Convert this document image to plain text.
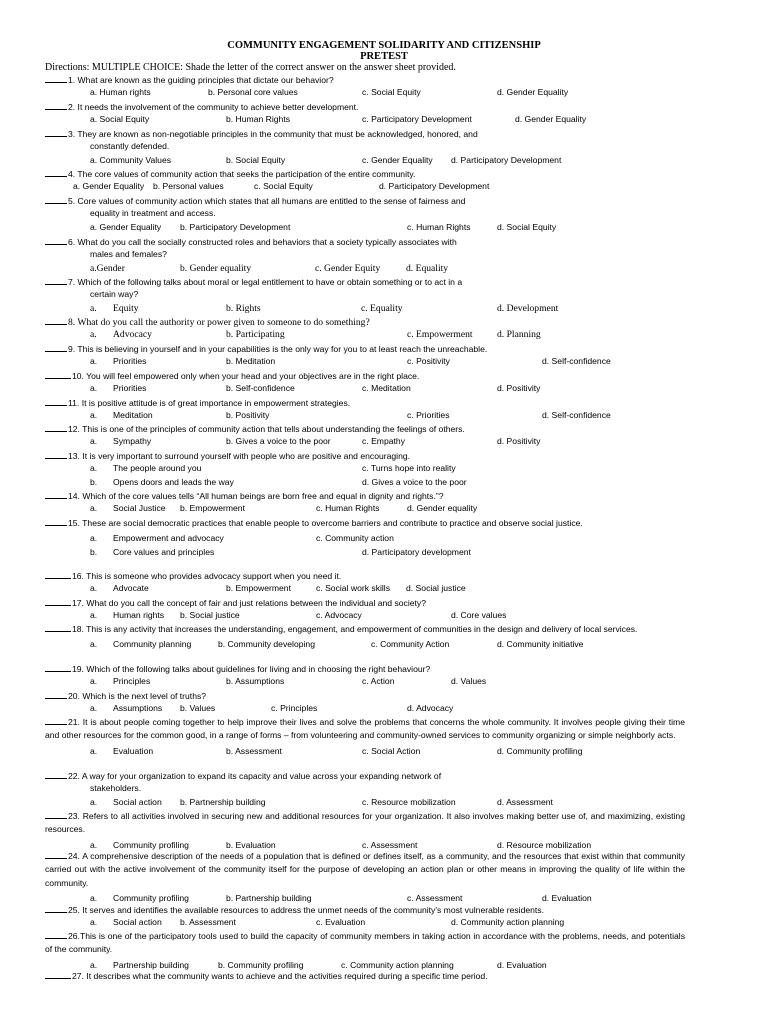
COMMUNITY ENGAGEMENT SOLIDARITY AND CITIZENSHIP
PRETEST
Directions: MULTIPLE CHOICE: Shade the letter of the correct answer on the answer sheet provided.
1. What are known as the guiding principles that dictate our behavior?
a. Human rights	b. Personal core values	c. Social Equity	d. Gender Equality
2. It needs the involvement of the community to achieve better development.
a. Social Equity	b. Human Rights	c. Participatory Development	d. Gender Equality
3. They are known as non-negotiable principles in the community that must be acknowledged, honored, and
constantly defended.
a. Community Values	b. Social Equity	c. Gender Equality d. Participatory Development
4. The core values of community action that seeks the participation of the entire community.
a. Gender Equality b. Personal values	c. Social Equity	d. Participatory Development
5. Core values of community action which states that all humans are entitled to the sense of fairness and
equality in treatment and access.
a. Gender Equality b. Participatory Development	c. Human Rights	d. Social Equity
6. What do you call the socially constructed roles and behaviors that a society typically associates with
males and females?
a.Gender	b. Gender equality	c. Gender Equity	d. Equality
7. Which of the following talks about moral or legal entitlement to have or obtain something or to act in a
certain way?
a. Equity	b. Rights	c. Equality	d. Development
8. What do you call the authority or power given to someone to do something?
a. Advocacy	b. Participating	c. Empowerment	d. Planning
9. This is believing in yourself and in your capabilities is the only way for you to at least reach the unreachable.
a. Priorities	b. Meditation	c. Positivity	d. Self-confidence
10. You will feel empowered only when your head and your objectives are in the right place.
a. Priorities	b. Self-confidence	c. Meditation	d. Positivity
11. It is positive attitude is of great importance in empowerment strategies.
a. Meditation	b. Positivity	c. Priorities	d. Self-confidence
12. This is one of the principles of community action that tells about understanding the feelings of others.
a. Sympathy	b. Gives a voice to the poor	c. Empathy	d. Positivity
13. It is very important to surround yourself with people who are positive and encouraging.
a. The people around you	c. Turns hope into reality
b. Opens doors and leads the way	d. Gives a voice to the poor
14. Which of the core values tells “All human beings are born free and equal in dignity and rights.”?
a. Social Justice b. Empowerment	c. Human Rights	d. Gender equality
15. These are social democratic practices that enable people to overcome barriers and contribute to practice and observe social justice.
a. Empowerment and advocacy	c. Community action
b. Core values and principles	d. Participatory development
16. This is someone who provides advocacy support when you need it.
a. Advocate	b. Empowerment	c. Social work skills d. Social justice
17. What do you call the concept of fair and just relations between the individual and society?
a. Human rights b. Social justice	c. Advocacy	d. Core values
18. This is any activity that increases the understanding, engagement, and empowerment of communities in the design and delivery of local services.
a. Community planning	b. Community developing	c. Community Action	d. Community initiative
19. Which of the following talks about guidelines for living and in choosing the right behaviour?
a. Principles	b. Assumptions	c. Action	d. Values
20. Which is the next level of truths?
a. Assumptions b. Values	c. Principles	d. Advocacy
21. It is about people coming together to help improve their lives and solve the problems that concerns the whole community. It involves people giving their time and other resources for the common good, in a range of forms – from volunteering and community-owned services to community organizing or simple neighborly acts.
a. Evaluation	b. Assessment	c. Social Action	d. Community profiling
22. A way for your organization to expand its capacity and value across your expanding network of
stakeholders.
a. Social action b. Partnership building	c. Resource mobilization	d. Assessment
23. Refers to all activities involved in securing new and additional resources for your organization. It also involves making better use of, and maximizing, existing resources.
a. Community profiling	b. Evaluation	c. Assessment	d. Resource mobilization
24. A comprehensive description of the needs of a population that is defined or defines itself, as a community, and the resources that exist within that community carried out with the active involvement of the community itself for the purpose of developing an action plan or other means in improving the quality of life within the community.
a. Community profiling	b. Partnership building	c. Assessment	d. Evaluation
25. It serves and identifies the available resources to address the unmet needs of the community's most vulnerable residents.
a. Social action b. Assessment	c. Evaluation	d. Community action planning
26.This is one of the participatory tools used to build the capacity of community members in taking action in accordance with the problems, needs, and potentials of the community.
a. Partnership building	b. Community profiling	c. Community action planning	d. Evaluation
27. It describes what the community wants to achieve and the activities required during a specific time period.
